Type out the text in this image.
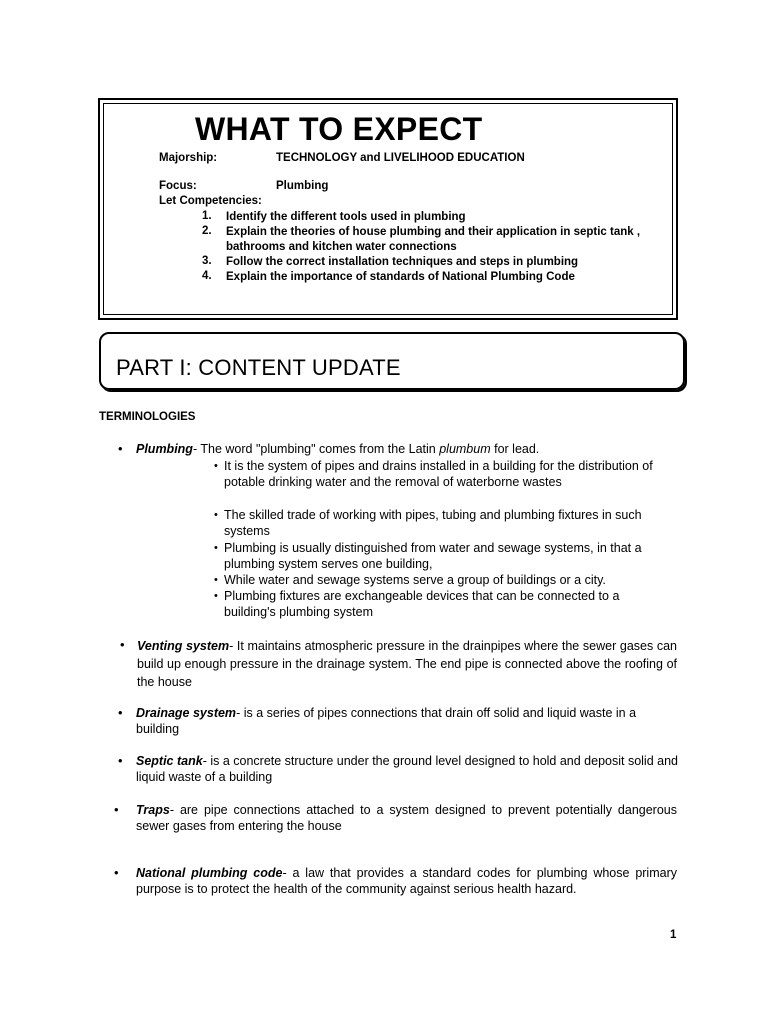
WHAT TO EXPECT
Majorship:	TECHNOLOGY and LIVELIHOOD EDUCATION
Focus:	Plumbing
Let Competencies:
1. Identify the different tools used in plumbing
2. Explain the theories of house plumbing and their application in septic tank , bathrooms and kitchen water connections
3. Follow the correct installation techniques and steps in plumbing
4. Explain the importance of standards of National Plumbing Code
PART I: CONTENT UPDATE
TERMINOLOGIES
• Plumbing- The word "plumbing" comes from the Latin plumbum for lead.
• It is the system of pipes and drains installed in a building for the distribution of potable drinking water and the removal of waterborne wastes
• The skilled trade of working with pipes, tubing and plumbing fixtures in such systems
• Plumbing is usually distinguished from water and sewage systems, in that a plumbing system serves one building,
• While water and sewage systems serve a group of buildings or a city.
• Plumbing fixtures are exchangeable devices that can be connected to a building's plumbing system
• Venting system- It maintains atmospheric pressure in the drainpipes where the sewer gases can build up enough pressure in the drainage system. The end pipe is connected above the roofing of the house
• Drainage system- is a series of pipes connections that drain off solid and liquid waste in a building
• Septic tank- is a concrete structure under the ground level designed to hold and deposit solid and liquid waste of a building
• Traps- are pipe connections attached to a system designed to prevent potentially dangerous sewer gases from entering the house
• National plumbing code- a law that provides a standard codes for plumbing whose primary purpose is to protect the health of the community against serious health hazard.
1
